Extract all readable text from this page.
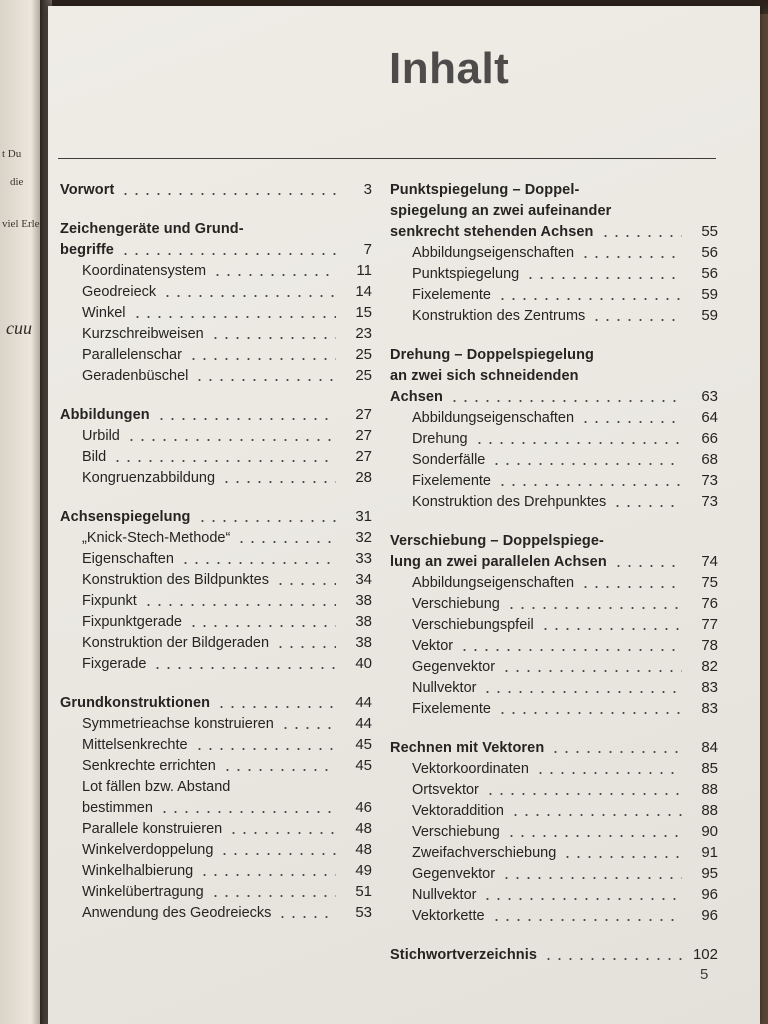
t Du
die
viel Erle
cuu
Inhalt
Vorwort	3
Zeichengeräte und Grund-
begriffe	7
Koordinatensystem	11
Geodreieck	14
Winkel	15
Kurzschreibweisen	23
Parallelenschar	25
Geradenbüschel	25
Abbildungen	27
Urbild	27
Bild	27
Kongruenzabbildung	28
Achsenspiegelung	31
„Knick-Stech-Methode“	32
Eigenschaften	33
Konstruktion des Bildpunktes	34
Fixpunkt	38
Fixpunktgerade	38
Konstruktion der Bildgeraden	38
Fixgerade	40
Grundkonstruktionen	44
Symmetrieachse konstruieren	44
Mittelsenkrechte	45
Senkrechte errichten	45
Lot fällen bzw. Abstand
bestimmen	46
Parallele konstruieren	48
Winkelverdoppelung	48
Winkelhalbierung	49
Winkelübertragung	51
Anwendung des Geodreiecks	53
Punktspiegelung – Doppel-
spiegelung an zwei aufeinander
senkrecht stehenden Achsen	55
Abbildungseigenschaften	56
Punktspiegelung	56
Fixelemente	59
Konstruktion des Zentrums	59
Drehung – Doppelspiegelung
an zwei sich schneidenden
Achsen	63
Abbildungseigenschaften	64
Drehung	66
Sonderfälle	68
Fixelemente	73
Konstruktion des Drehpunktes	73
Verschiebung – Doppelspiege-
lung an zwei parallelen Achsen	74
Abbildungseigenschaften	75
Verschiebung	76
Verschiebungspfeil	77
Vektor	78
Gegenvektor	82
Nullvektor	83
Fixelemente	83
Rechnen mit Vektoren	84
Vektorkoordinaten	85
Ortsvektor	88
Vektoraddition	88
Verschiebung	90
Zweifachverschiebung	91
Gegenvektor	95
Nullvektor	96
Vektorkette	96
Stichwortverzeichnis	102
5
